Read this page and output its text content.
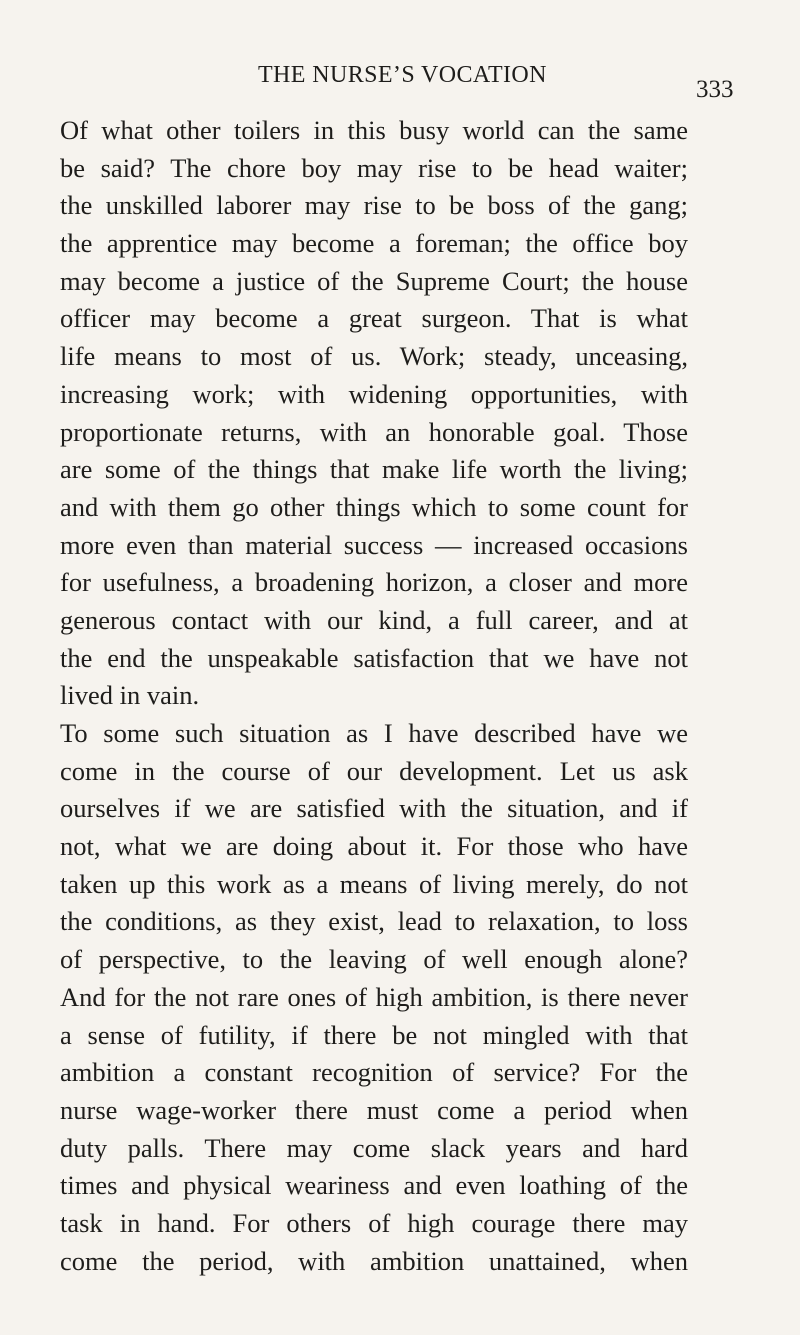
THE NURSE’S VOCATION
333
Of what other toilers in this busy world can the same
be said? The chore boy may rise to be head waiter;
the unskilled laborer may rise to be boss of the gang;
the apprentice may become a foreman; the office boy
may become a justice of the Supreme Court; the house
officer may become a great surgeon. That is what
life means to most of us. Work; steady, unceasing,
increasing work; with widening opportunities, with
proportionate returns, with an honorable goal. Those
are some of the things that make life worth the living;
and with them go other things which to some count for
more even than material success — increased occasions
for usefulness, a broadening horizon, a closer and more
generous contact with our kind, a full career, and at
the end the unspeakable satisfaction that we have not
lived in vain.
To some such situation as I have described have we
come in the course of our development. Let us ask
ourselves if we are satisfied with the situation, and if
not, what we are doing about it. For those who have
taken up this work as a means of living merely, do not
the conditions, as they exist, lead to relaxation, to loss
of perspective, to the leaving of well enough alone?
And for the not rare ones of high ambition, is there never
a sense of futility, if there be not mingled with that
ambition a constant recognition of service? For the
nurse wage-worker there must come a period when
duty palls. There may come slack years and hard
times and physical weariness and even loathing of the
task in hand. For others of high courage there may
come the period, with ambition unattained, when
